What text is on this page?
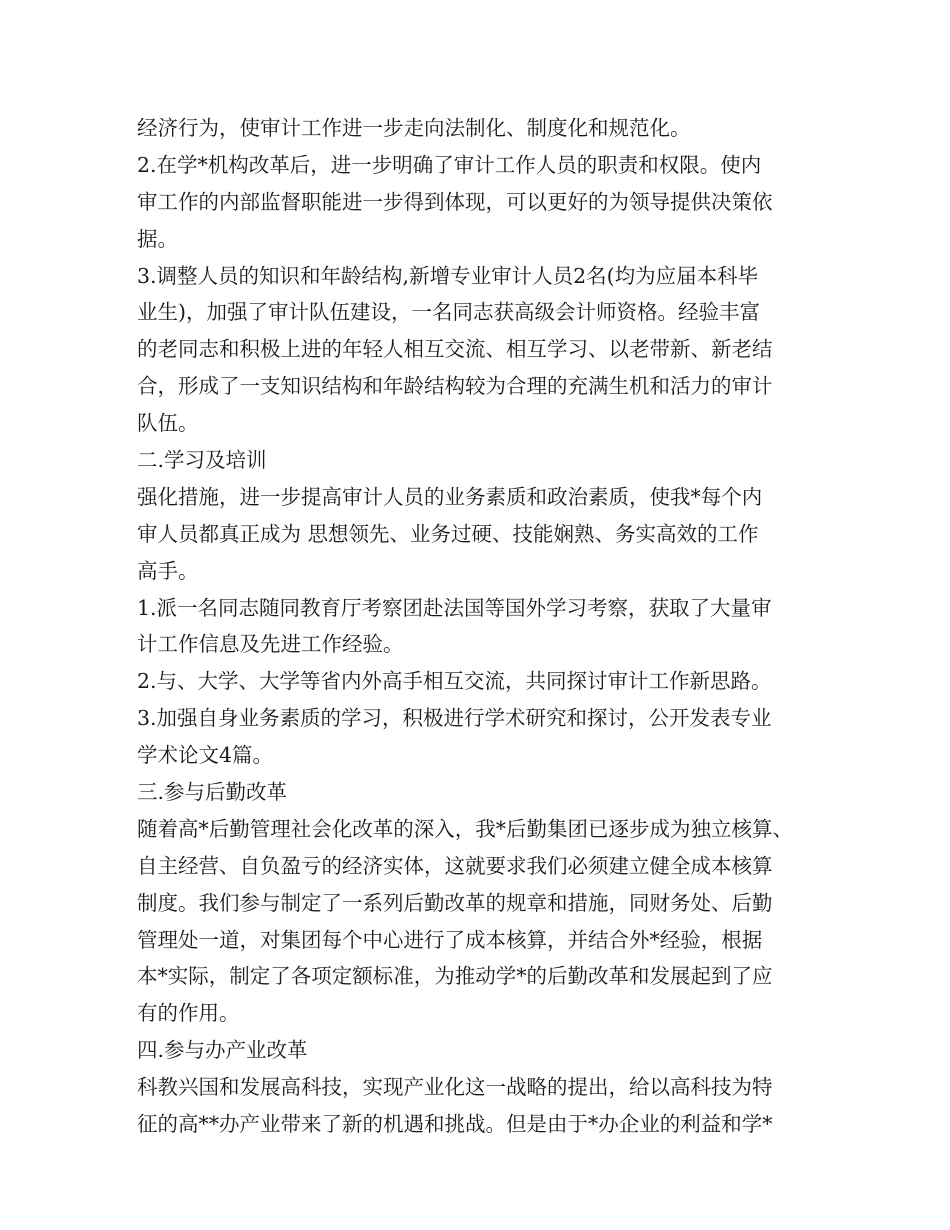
经济行为，使审计工作进一步走向法制化、制度化和规范化。
2.在学*机构改革后，进一步明确了审计工作人员的职责和权限。使内
审工作的内部监督职能进一步得到体现，可以更好的为领导提供决策依
据。
3.调整人员的知识和年龄结构,新增专业审计人员2名(均为应届本科毕
业生)，加强了审计队伍建设，一名同志获高级会计师资格。经验丰富
的老同志和积极上进的年轻人相互交流、相互学习、以老带新、新老结
合，形成了一支知识结构和年龄结构较为合理的充满生机和活力的审计
队伍。
二.学习及培训
强化措施，进一步提高审计人员的业务素质和政治素质，使我*每个内
审人员都真正成为 思想领先、业务过硬、技能娴熟、务实高效的工作
高手。
1.派一名同志随同教育厅考察团赴法国等国外学习考察，获取了大量审
计工作信息及先进工作经验。
2.与、大学、大学等省内外高手相互交流，共同探讨审计工作新思路。
3.加强自身业务素质的学习，积极进行学术研究和探讨，公开发表专业
学术论文4篇。
三.参与后勤改革
随着高*后勤管理社会化改革的深入，我*后勤集团已逐步成为独立核算、
自主经营、自负盈亏的经济实体，这就要求我们必须建立健全成本核算
制度。我们参与制定了一系列后勤改革的规章和措施，同财务处、后勤
管理处一道，对集团每个中心进行了成本核算，并结合外*经验，根据
本*实际，制定了各项定额标准，为推动学*的后勤改革和发展起到了应
有的作用。
四.参与办产业改革
科教兴国和发展高科技，实现产业化这一战略的提出，给以高科技为特
征的高**办产业带来了新的机遇和挑战。但是由于*办企业的利益和学*
